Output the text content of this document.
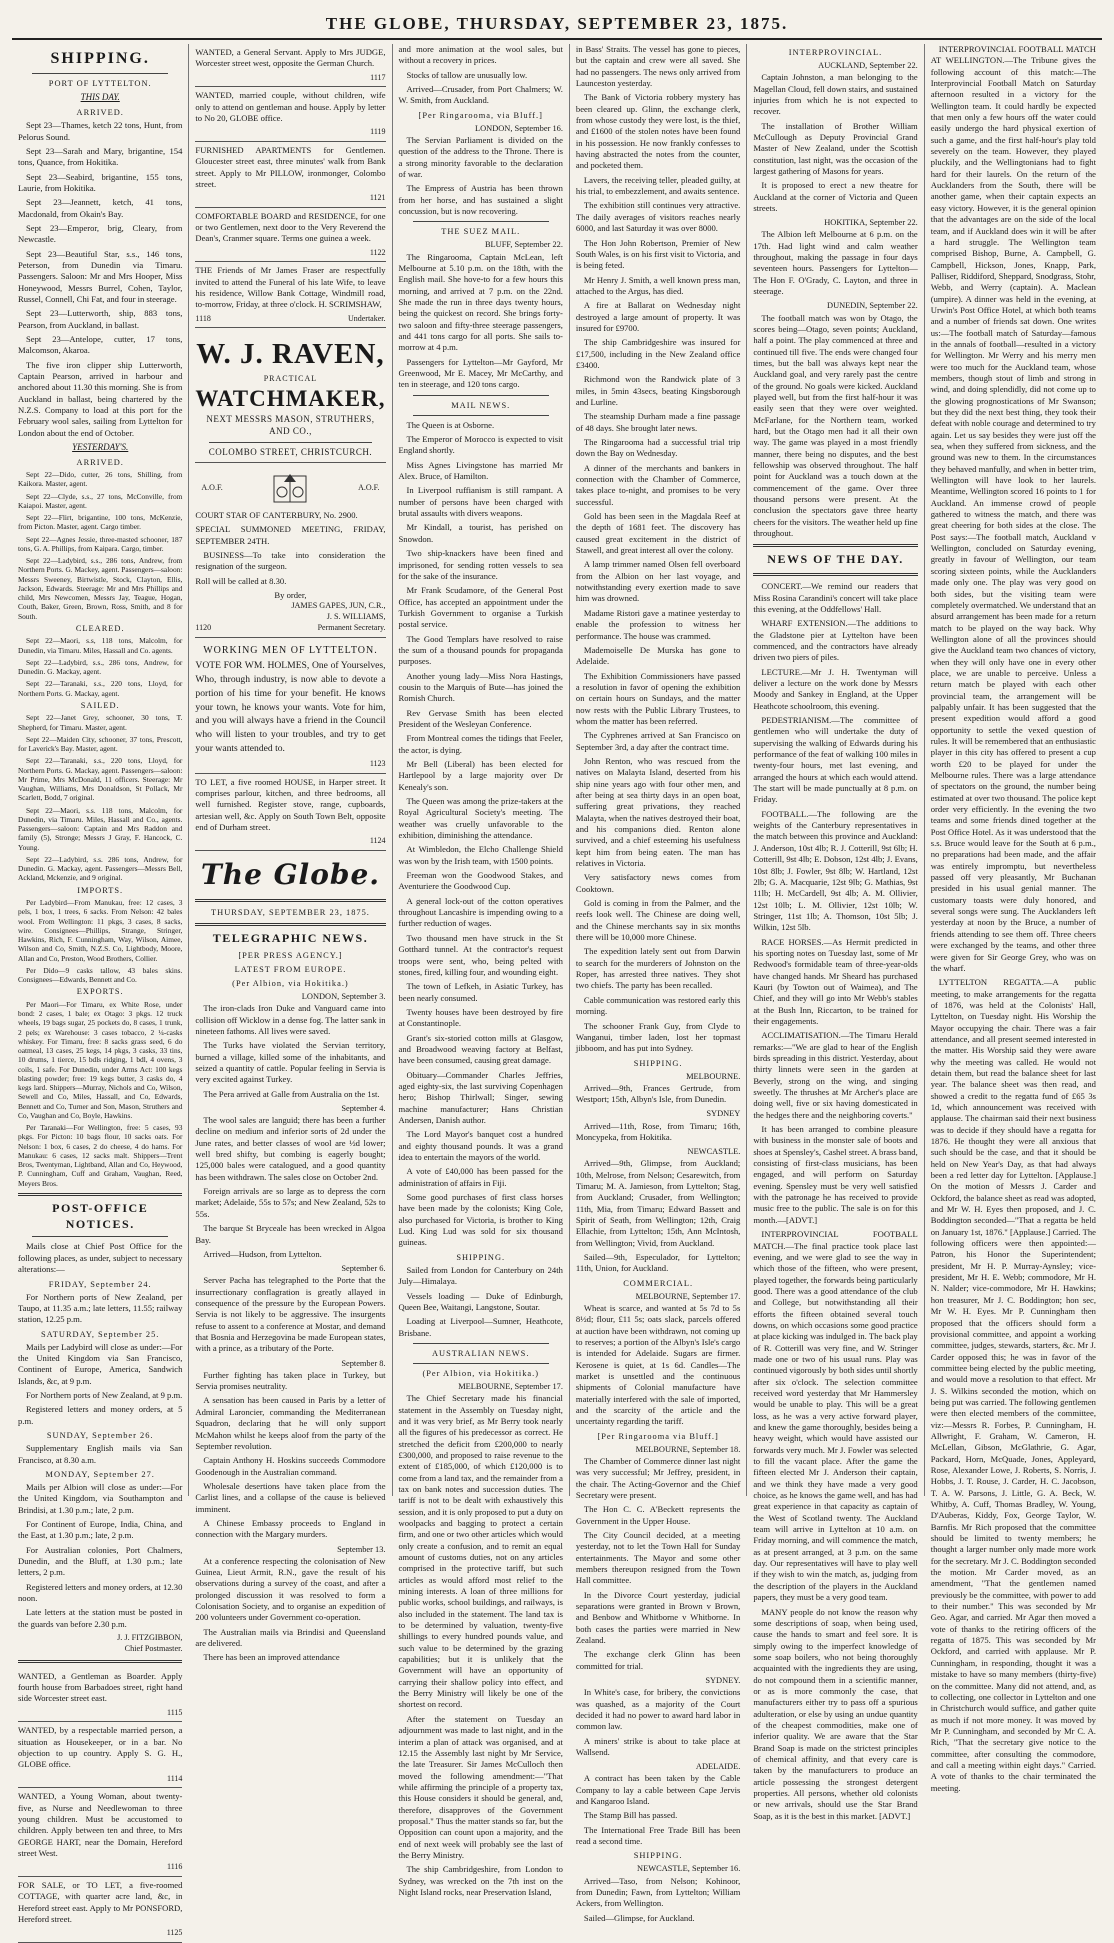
THE GLOBE, THURSDAY, SEPTEMBER 23, 1875.
SHIPPING.
PORT OF LYTTELTON.
THIS DAY.
ARRIVED.

Sept 23—Thames, ketch 22 tons, Hunt, from Pelorus Sound.

Sept 23—Sarah and Mary, brigantine, 154 tons, Quance, from Hokitika.

Sept 23—Seabird, brigantine, 155 tons, Laurie, from Hokitika.

Sept 23—Jeannett, ketch, 41 tons, Macdonald, from Okain's Bay.

Sept 23—Emperor, brig, Cleary, from Newcastle.

Sept 23—Beautiful Star, s.s., 146 tons, Peterson, from Dunedin via Timaru. Passengers. Saloon: Mr and Mrs Hooper, Miss Honeywood, Messrs Burrel, Cohen, Taylor, Russel, Connell, Chi Fat, and four in steerage.

Sept 23—Lutterworth, ship, 883 tons, Pearson, from Auckland, in ballast.

Sept 23—Antelope, cutter, 17 tons, Malcomson, Akaroa.

The five iron clipper ship Lutterworth, Captain Pearson, arrived in harbour and anchored about 11.30 this morning. She is from Auckland in ballast, being chartered by the N.Z.S. Company to load at this port for the February wool sales, sailing from Lyttelton for London about the end of October.

YESTERDAY'S.
ARRIVED.

Sept 22—Dido, cutter, 26 tons, Shilling, from Kaikora. Master, agent.

Sept 22—Clyde, s.s., 27 tons, McConville, from Kaiapoi. Master, agent.

Sept 22—Flirt, brigantine, 100 tons, McKenzie, from Picton. Master, agent. Cargo timber.

Sept 22—Agnes Jessie, three-masted schooner, 187 tons, G. A. Phillips, from Kaipara. Cargo, timber.

Sept 22—Ladybird, s.s., 286 tons, Andrew, from Northern Ports. G. Mackey, agent. Passengers—saloon: Messrs Sweeney, Birtwistle, Stock, Clayton, Ellis, Jackson, Edwards. Steerage: Mr and Mrs Phillips and child, Mrs Newcomen, Messrs Jay, Teague, Hogan, Couth, Baker, Green, Brown, Ross, Smith, and 8 for South.

CLEARED.

Sept 22—Maori, s.s, 118 tons, Malcolm, for Dunedin, via Timaru. Miles, Hassall and Co. agents.

Sept 22—Ladybird, s.s., 286 tons, Andrew, for Dunedin. G. Mackay, agent.

Sept 22—Taranaki, s.s., 220 tons, Lloyd, for Northern Ports. G. Mackay, agent.

SAILED.

Sept 22—Janet Grey, schooner, 30 tons, T. Shepherd, for Timaru. Master, agent.

Sept 22—Maiden City, schooner, 37 tons, Prescott, for Laverick's Bay. Master, agent.

Sept 22—Taranaki, s.s., 220 tons, Lloyd, for Northern Ports. G. Mackay, agent. Passengers—saloon: Mr Prime, Mrs McDonald, 11 officers. Steerage: Mr Vaughan, Williams, Mrs Donaldson, St Pollack, Mr Scarlett, Bodd, 7 original.

Sept 22—Maori, s.s. 118 tons, Malcolm, for Dunedin, via Timaru. Miles, Hassall and Co., agents. Passengers—saloon: Captain and Mrs Raddon and family (5), Stronge; Messrs J Gray, F. Hancock, C. Young.

Sept 22—Ladybird, s.s. 286 tons, Andrew, for Dunedin. G. Mackay, agent. Passengers—Messrs Bell, Ackland, Mckenzie, and 9 original.

IMPORTS.

Per Ladybird—From Manukau, free: 12 cases, 3 pels, 1 box, 1 trees, 6 sacks. From Nelson: 42 bales wool. From Wellington: 11 pkgs, 3 cases, 8 sacks, wire. Consignees—Phillips, Strange, Stringer, Hawkins, Rich, F. Cunningham, Way, Wilson, Aimee, Wilson and Co, Smith, N.Z.S. Co, Lightbody, Moore, Allan and Co, Preston, Wood Brothers, Collier.

Per Dido—9 casks tallow, 43 bales skins. Consignees—Edwards, Bennett and Co.

EXPORTS.

Per Maori—For Timaru, ex White Rose, under bond: 2 cases, 1 bale; ex Otago: 3 pkgs. 12 truck wheels, 19 bags sugar, 25 pockets do, 8 cases, 1 trunk, 2 pels; ex Warehouse: 3 cases tobacco, 2 ¼-casks whiskey. For Timaru, free: 8 sacks grass seed, 6 do oatmeal, 13 cases, 25 kegs, 14 pkgs, 3 casks, 33 tins, 10 drums, 1 tierce, 15 bdls ridging, 1 bdl, 4 ovens, 3 coils, 1 safe. For Dunedin, under Arms Act: 100 kegs blasting powder; free: 19 kegs butter, 3 casks do, 4 kegs lard. Shippers—Murray, Nichols and Co, Wilson, Sewell and Co, Miles, Hassall, and Co, Edwards, Bennett and Co, Turner and Son, Mason, Struthers and Co, Vaughan and Co, Boyle, Hawkins.

Per Taranaki—For Wellington, free: 5 cases, 93 pkgs. For Picton: 10 bags flour, 10 sacks oats. For Nelson: 1 box, 6 cases, 2 do cheese, 4 do hams. For Manukau: 6 cases, 12 sacks malt. Shippers—Trent Bros, Twentyman, Lightband, Allan and Co, Heywood, P. Cunningham, Cuff and Graham, Vaughan, Reed, Meyers Bros.

POST-OFFICE NOTICES.

Mails close at Chief Post Office for the following places, as under, subject to necessary alterations:—

FRIDAY, September 24.

For Northern ports of New Zealand, per Taupo, at 11.35 a.m.; late letters, 11.55; railway station, 12.25 p.m.

SATURDAY, September 25.

Mails per Ladybird will close as under:—For the United Kingdom via San Francisco, Continent of Europe, America, Sandwich Islands, &c, at 9 p.m.

For Northern ports of New Zealand, at 9 p.m.

Registered letters and money orders, at 5 p.m.

SUNDAY, September 26.

Supplementary English mails via San Francisco, at 8.30 a.m.

MONDAY, September 27.

Mails per Albion will close as under:—For the United Kingdom, via Southampton and Brindisi, at 1.30 p.m.; late, 2 p.m.

For Continent of Europe, India, China, and the East, at 1.30 p.m.; late, 2 p.m.

For Australian colonies, Port Chalmers, Dunedin, and the Bluff, at 1.30 p.m.; late letters, 2 p.m.

Registered letters and money orders, at 12.30 noon.

Late letters at the station must be posted in the guards van before 2.30 p.m.

J. J. FITZGIBBON,
Chief Postmaster.

WANTED, a Gentleman as Boarder. Apply fourth house from Barbadoes street, right hand side Worcester street east.

1115

WANTED, by a respectable married person, a situation as Housekeeper, or in a bar. No objection to up country. Apply S. G. H., GLOBE office.

1114

WANTED, a Young Woman, about twenty-five, as Nurse and Needlewoman to three young children. Must be accustomed to children. Apply between ten and three, to Mrs GEORGE HART, near the Domain, Hereford street West.

1116

FOR SALE, or TO LET, a five-roomed COTTAGE, with quarter acre land, &c, in Hereford street east. Apply to Mr PONSFORD, Hereford street.

1125

WANTED, a General Servant. Apply to Mrs JUDGE, Worcester street west, opposite the German Church.

1117

WANTED, married couple, without children, wife only to attend on gentleman and house. Apply by letter to No 20, GLOBE office.

1119

FURNISHED APARTMENTS for Gentlemen. Gloucester street east, three minutes' walk from Bank street. Apply to Mr PILLOW, ironmonger, Colombo street.

1121

COMFORTABLE BOARD and RESIDENCE, for one or two Gentlemen, next door to the Very Reverend the Dean's, Cranmer square. Terms one guinea a week.

1122

THE Friends of Mr James Fraser are respectfully invited to attend the Funeral of his late Wife, to leave his residence, Willow Bank Cottage, Windmill road, to-morrow, Friday, at three o'clock. H. SCRIMSHAW,

1118	Undertaker.
W. J. RAVEN,
PRACTICAL
WATCHMAKER,
NEXT MESSRS MASON, STRUTHERS,
AND CO.,
COLOMBO STREET, CHRISTCURCH.
A.O.F.	A.O.F.

COURT STAR OF CANTERBURY, No. 2900.

SPECIAL SUMMONED MEETING, FRIDAY, SEPTEMBER 24TH.

BUSINESS—To take into consideration the resignation of the surgeon.

Roll will be called at 8.30.

By order,
JAMES GAPES, JUN, C.R.,
J. S. WILLIAMS,
1120	Permanent Secretary.
WORKING MEN OF LYTTELTON.

VOTE FOR WM. HOLMES, One of Yourselves, Who, through industry, is now able to devote a portion of his time for your benefit. He knows your town, he knows your wants. Vote for him, and you will always have a friend in the Council who will listen to your troubles, and try to get your wants attended to.

1123

TO LET, a five roomed HOUSE, in Harper street. It comprises parlour, kitchen, and three bedrooms, all well furnished. Register stove, range, cupboards, artesian well, &c. Apply on South Town Belt, opposite end of Durham street.

1124
The Globe.
THURSDAY, SEPTEMBER 23, 1875.
TELEGRAPHIC NEWS.
[PER PRESS AGENCY.]
LATEST FROM EUROPE.
(Per Albion, via Hokitika.)
LONDON, September 3.

The iron-clads Iron Duke and Vanguard came into collision off Wicklow in a dense fog. The latter sank in nineteen fathoms. All lives were saved.

The Turks have violated the Servian territory, burned a village, killed some of the inhabitants, and seized a quantity of cattle. Popular feeling in Servia is very excited against Turkey.

The Pera arrived at Galle from Australia on the 1st.

September 4.

The wool sales are languid; there has been a further decline on medium and inferior sorts of 2d under the June rates, and better classes of wool are ½d lower; well bred shifty, but combing is eagerly bought; 125,000 bales were catalogued, and a good quantity has been withdrawn. The sales close on October 2nd.

Foreign arrivals are so large as to depress the corn market; Adelaide, 55s to 57s; and New Zealand, 52s to 55s.

The barque St Bryceale has been wrecked in Algoa Bay.

Arrived—Hudson, from Lyttelton.

September 6.

Server Pacha has telegraphed to the Porte that the insurrectionary conflagration is greatly allayed in consequence of the pressure by the European Powers. Servia is not likely to be aggressive. The insurgents refuse to assent to a conference at Mostar, and demand that Bosnia and Herzegovina be made European states, with a prince, as a tributary of the Porte.

September 8.

Further fighting has taken place in Turkey, but Servia promises neutrality.

A sensation has been caused in Paris by a letter of Admiral Laroncier, commanding the Mediterranean Squadron, declaring that he will only support McMahon whilst he keeps aloof from the party of the September revolution.

Captain Anthony H. Hoskins succeeds Commodore Goodenough in the Australian command.

Wholesale desertions have taken place from the Carlist lines, and a collapse of the cause is believed imminent.

A Chinese Embassy proceeds to England in connection with the Margary murders.

September 13.

At a conference respecting the colonisation of New Guinea, Lieut Armit, R.N., gave the result of his observations during a survey of the coast, and after a prolonged discussion it was resolved to form a Colonisation Society, and to organise an expedition of 200 volunteers under Government co-operation.

The Australian mails via Brindisi and Queensland are delivered.

There has been an improved attendance

and more animation at the wool sales, but without a recovery in prices.

Stocks of tallow are unusually low.

Arrived—Crusader, from Port Chalmers; W. W. Smith, from Auckland.

[Per Ringarooma, via Bluff.]
LONDON, September 16.

The Servian Parliament is divided on the question of the address to the Throne. There is a strong minority favorable to the declaration of war.

The Empress of Austria has been thrown from her horse, and has sustained a slight concussion, but is now recovering.

THE SUEZ MAIL.
BLUFF, September 22.

The Ringarooma, Captain McLean, left Melbourne at 5.10 p.m. on the 18th, with the English mail. She hove-to for a few hours this morning, and arrived at 7 p.m. on the 22nd. She made the run in three days twenty hours, being the quickest on record. She brings forty-two saloon and fifty-three steerage passengers, and 441 tons cargo for all ports. She sails to-morrow at 4 p.m.

Passengers for Lyttelton—Mr Gayford, Mr Greenwood, Mr E. Macey, Mr McCarthy, and ten in steerage, and 120 tons cargo.

MAIL NEWS.

The Queen is at Osborne.

The Emperor of Morocco is expected to visit England shortly.

Miss Agnes Livingstone has married Mr Alex. Bruce, of Hamilton.

In Liverpool ruffianism is still rampant. A number of persons have been charged with brutal assaults with divers weapons.

Mr Kindall, a tourist, has perished on Snowdon.

Two ship-knackers have been fined and imprisoned, for sending rotten vessels to sea for the sake of the insurance.

Mr Frank Scudamore, of the General Post Office, has accepted an appointment under the Turkish Government to organise a Turkish postal service.

The Good Templars have resolved to raise the sum of a thousand pounds for propaganda purposes.

Another young lady—Miss Nora Hastings, cousin to the Marquis of Bute—has joined the Romish Church.

Rev Gervase Smith has been elected President of the Wesleyan Conference.

From Montreal comes the tidings that Feeler, the actor, is dying.

Mr Bell (Liberal) has been elected for Hartlepool by a large majority over Dr Kenealy's son.

The Queen was among the prize-takers at the Royal Agricultural Society's meeting. The weather was cruelly unfavorable to the exhibition, diminishing the attendance.

At Wimbledon, the Elcho Challenge Shield was won by the Irish team, with 1500 points.

Freeman won the Goodwood Stakes, and Aventuriere the Goodwood Cup.

A general lock-out of the cotton operatives throughout Lancashire is impending owing to a further reduction of wages.

Two thousand men have struck in the St Gotthard tunnel. At the contractor's request troops were sent, who, being pelted with stones, fired, killing four, and wounding eight.

The town of Lefkeh, in Asiatic Turkey, has been nearly consumed.

Twenty houses have been destroyed by fire at Constantinople.

Grant's six-storied cotton mills at Glasgow, and Broadwood weaving factory at Belfast, have been consumed, causing great damage.

Obituary—Commander Charles Jeffries, aged eighty-six, the last surviving Copenhagen hero; Bishop Thirlwall; Singer, sewing machine manufacturer; Hans Christian Andersen, Danish author.

The Lord Mayor's banquet cost a hundred and eighty thousand pounds. It was a grand idea to entertain the mayors of the world.

A vote of £40,000 has been passed for the administration of affairs in Fiji.

Some good purchases of first class horses have been made by the colonists; King Cole, also purchased for Victoria, is brother to King Lud. King Lud was sold for six thousand guineas.

SHIPPING.

Sailed from London for Canterbury on 24th July—Himalaya.

Vessels loading — Duke of Edinburgh, Queen Bee, Waitangi, Langstone, Soutar.

Loading at Liverpool—Sumner, Heathcote, Brisbane.

AUSTRALIAN NEWS.
(Per Albion, via Hokitika.)
MELBOURNE, September 17.

The Chief Secretary made his financial statement in the Assembly on Tuesday night, and it was very brief, as Mr Berry took nearly all the figures of his predecessor as correct. He stretched the deficit from £200,000 to nearly £300,000, and proposed to raise revenue to the extent of £185,000, of which £120,000 is to come from a land tax, and the remainder from a tax on bank notes and succession duties. The tariff is not to be dealt with exhaustively this session, and it is only proposed to put a duty on woolpacks and bagging to protect a certain firm, and one or two other articles which would only create a confusion, and to remit an equal amount of customs duties, not on any articles comprised in the protective tariff, but such articles as would afford most relief to the mining interests. A loan of three millions for public works, school buildings, and railways, is also included in the statement. The land tax is to be determined by valuation, twenty-five shillings to every hundred pounds value, and such value to be determined by the grazing capabilities; but it is unlikely that the Government will have an opportunity of carrying their shallow policy into effect, and the Berry Ministry will likely be one of the shortest on record.

After the statement on Tuesday an adjournment was made to last night, and in the interim a plan of attack was organised, and at 12.15 the Assembly last night by Mr Service, the late Treasurer. Sir James McCulloch then moved the following amendment:—"That while affirming the principle of a property tax, this House considers it should be general, and, therefore, disapproves of the Government proposal." Thus the matter stands so far, but the Opposition can count upon a majority, and the end of next week will probably see the last of the Berry Ministry.

The ship Cambridgeshire, from London to Sydney, was wrecked on the 7th inst on the Night Island rocks, near Preservation Island,

in Bass' Straits. The vessel has gone to pieces, but the captain and crew were all saved. She had no passengers. The news only arrived from Launceston yesterday.

The Bank of Victoria robbery mystery has been cleared up. Glinn, the exchange clerk, from whose custody they were lost, is the thief, and £1600 of the stolen notes have been found in his possession. He now frankly confesses to having abstracted the notes from the counter, and pocketed them.

Lavers, the receiving teller, pleaded guilty, at his trial, to embezzlement, and awaits sentence.

The exhibition still continues very attractive. The daily averages of visitors reaches nearly 6000, and last Saturday it was over 8000.

The Hon John Robertson, Premier of New South Wales, is on his first visit to Victoria, and is being feted.

Mr Henry J. Smith, a well known press man, attached to the Argus, has died.

A fire at Ballarat on Wednesday night destroyed a large amount of property. It was insured for £9700.

The ship Cambridgeshire was insured for £17,500, including in the New Zealand office £3400.

Richmond won the Randwick plate of 3 miles, in 5min 43secs, beating Kingsborough and Lurline.

The steamship Durham made a fine passage of 48 days. She brought later news.

The Ringarooma had a successful trial trip down the Bay on Wednesday.

A dinner of the merchants and bankers in connection with the Chamber of Commerce, takes place to-night, and promises to be very successful.

Gold has been seen in the Magdala Reef at the depth of 1681 feet. The discovery has caused great excitement in the district of Stawell, and great interest all over the colony.

A lamp trimmer named Olsen fell overboard from the Albion on her last voyage, and notwithstanding every exertion made to save him was drowned.

Madame Ristori gave a matinee yesterday to enable the profession to witness her performance. The house was crammed.

Mademoiselle De Murska has gone to Adelaide.

The Exhibition Commissioners have passed a resolution in favor of opening the exhibition on certain hours on Sundays, and the matter now rests with the Public Library Trustees, to whom the matter has been referred.

The Cyphrenes arrived at San Francisco on September 3rd, a day after the contract time.

John Renton, who was rescued from the natives on Malayta Island, deserted from his ship nine years ago with four other men, and after being at sea thirty days in an open boat, suffering great privations, they reached Malayta, when the natives destroyed their boat, and his companions died. Renton alone survived, and a chief esteeming his usefulness kept him from being eaten. The man has relatives in Victoria.

Very satisfactory news comes from Cooktown.

Gold is coming in from the Palmer, and the reefs look well. The Chinese are doing well, and the Chinese merchants say in six months there will be 10,000 more Chinese.

The expedition lately sent out from Darwin to search for the murderers of Johnston on the Roper, has arrested three natives. They shot two chiefs. The party has been recalled.

Cable communication was restored early this morning.

The schooner Frank Guy, from Clyde to Wanganui, timber laden, lost her topmast jibboom, and has put into Sydney.

SHIPPING.
MELBOURNE.

Arrived—9th, Frances Gertrude, from Westport; 15th, Albyn's Isle, from Dunedin.

SYDNEY

Arrived—11th, Rose, from Timaru; 16th, Moncypeka, from Hokitika.

NEWCASTLE.

Arrived—9th, Glimpse, from Auckland; 10th, Melrose, from Nelson; Cesarewitch, from Timaru; M. A. Jamieson, from Lyttelton; Stag, from Auckland; Crusader, from Wellington; 11th, Mia, from Timaru; Edward Bassett and Spirit of Seath, from Wellington; 12th, Craig Ellachie, from Lyttelton; 15th, Ann McIntosh, from Wellington; Vivid, from Auckland.

Sailed—9th, Especulador, for Lyttelton; 11th, Union, for Auckland.

COMMERCIAL.
MELBOURNE, September 17.

Wheat is scarce, and wanted at 5s 7d to 5s 8½d; flour, £11 5s; oats slack, parcels offered at auction have been withdrawn, not coming up to reserves; a portion of the Albyn's Isle's cargo is intended for Adelaide. Sugars are firmer. Kerosene is quiet, at 1s 6d. Candles—The market is unsettled and the continuous shipments of Colonial manufacture have materially interfered with the sale of imported, and the scarcity of the article and the uncertainty regarding the tariff.

[Per Ringarooma via Bluff.]
MELBOURNE, September 18.

The Chamber of Commerce dinner last night was very successful; Mr Jeffrey, president, in the chair. The Acting-Governor and the Chief Secretary were present.

The Hon C. C. A'Beckett represents the Government in the Upper House.

The City Council decided, at a meeting yesterday, not to let the Town Hall for Sunday entertainments. The Mayor and some other members thereupon resigned from the Town Hall committee.

In the Divorce Court yesterday, judicial separations were granted in Brown v Brown, and Benbow and Whitborne v Whitborne. In both cases the parties were married in New Zealand.

The exchange clerk Glinn has been committed for trial.

SYDNEY.

In White's case, for bribery, the convictions was quashed, as a majority of the Court decided it had no power to award hard labor in common law.

A miners' strike is about to take place at Wallsend.

ADELAIDE.

A contract has been taken by the Cable Company to lay a cable between Cape Jervis and Kangaroo Island.

The Stamp Bill has passed.

The International Free Trade Bill has been read a second time.

SHIPPING.
NEWCASTLE, September 16.

Arrived—Taso, from Nelson; Kohinoor, from Dunedin; Fawn, from Lyttelton; William Ackers, from Wellington.

Sailed—Glimpse, for Auckland.

INTERPROVINCIAL.
AUCKLAND, September 22.

Captain Johnston, a man belonging to the Magellan Cloud, fell down stairs, and sustained injuries from which he is not expected to recover.

The installation of Brother William McCullough as Deputy Provincial Grand Master of New Zealand, under the Scottish constitution, last night, was the occasion of the largest gathering of Masons for years.

It is proposed to erect a new theatre for Auckland at the corner of Victoria and Queen streets.

HOKITIKA, September 22.

The Albion left Melbourne at 6 p.m. on the 17th. Had light wind and calm weather throughout, making the passage in four days seventeen hours. Passengers for Lyttelton—The Hon F. O'Grady, C. Layton, and three in steerage.

DUNEDIN, September 22.

The football match was won by Otago, the scores being—Otago, seven points; Auckland, half a point. The play commenced at three and continued till five. The ends were changed four times, but the ball was always kept near the Auckland goal, and very rarely past the centre of the ground. No goals were kicked. Auckland played well, but from the first half-hour it was easily seen that they were over weighted. McFarlane, for the Northern team, worked hard, but the Otago men had it all their own way. The game was played in a most friendly manner, there being no disputes, and the best fellowship was observed throughout. The half point for Auckland was a touch down at the commencement of the game. Over three thousand persons were present. At the conclusion the spectators gave three hearty cheers for the visitors. The weather held up fine throughout.

NEWS OF THE DAY.

CONCERT.—We remind our readers that Miss Rosina Carandini's concert will take place this evening, at the Oddfellows' Hall.

WHARF EXTENSION.—The additions to the Gladstone pier at Lyttelton have been commenced, and the contractors have already driven two piers of piles.

LECTURE.—Mr J. H. Twentyman will deliver a lecture on the work done by Messrs Moody and Sankey in England, at the Upper Heathcote schoolroom, this evening.

PEDESTRIANISM.—The committee of gentlemen who will undertake the duty of supervising the walking of Edwards during his performance of the feat of walking 100 miles in twenty-four hours, met last evening, and arranged the hours at which each would attend. The start will be made punctually at 8 p.m. on Friday.

FOOTBALL.—The following are the weights of the Canterbury representatives in the match between this province and Auckland: J. Anderson, 10st 4lb; R. J. Cotterill, 9st 6lb; H. Cotterill, 9st 4lb; E. Dobson, 12st 4lb; J. Evans, 10st 8lb; J. Fowler, 9st 8lb; W. Hartland, 12st 2lb; G. A. Macquarie, 12st 9lb; G. Mathias, 9st 11lb; H. McCardell, 9st 4lb; A. M. Ollivier, 12st 10lb; L. M. Ollivier, 12st 10lb; W. Stringer, 11st 1lb; A. Thomson, 10st 5lb; J. Wilkin, 12st 5lb.

RACE HORSES.—As Hermit predicted in his sporting notes on Tuesday last, some of Mr Redwood's formidable team of three-year-olds have changed hands. Mr Sheard has purchased Kauri (by Towton out of Waimea), and The Chief, and they will go into Mr Webb's stables at the Bush Inn, Riccarton, to be trained for their engagements.

ACCLIMATISATION.—The Timaru Herald remarks:—"We are glad to hear of the English birds spreading in this district. Yesterday, about thirty linnets were seen in the garden at Beverly, strong on the wing, and singing sweetly. The thrushes at Mr Archer's place are doing well, five or six having domesticated in the hedges there and the neighboring coverts."

It has been arranged to combine pleasure with business in the monster sale of boots and shoes at Spensley's, Cashel street. A brass band, consisting of first-class musicians, has been engaged, and will perform on Saturday evening. Spensley must be very well satisfied with the patronage he has received to provide music free to the public. The sale is on for this month.—[ADVT.]

INTERPROVINCIAL FOOTBALL MATCH.—The final practice took place last evening, and we were glad to see the way in which those of the fifteen, who were present, played together, the forwards being particularly good. There was a good attendance of the club and College, but notwithstanding all their efforts the fifteen obtained several touch downs, on which occasions some good practice at place kicking was indulged in. The back play of R. Cotterill was very fine, and W. Stringer made one or two of his usual runs. Play was continued vigorously by both sides until shortly after six o'clock. The selection committee received word yesterday that Mr Hammersley would be unable to play. This will be a great loss, as he was a very active forward player, and knew the game thoroughly, besides being a heavy weight, which would have assisted our forwards very much. Mr J. Fowler was selected to fill the vacant place. After the game the fifteen elected Mr J. Anderson their captain, and we think they have made a very good choice, as he knows the game well, and has had great experience in that capacity as captain of the West of Scotland twenty. The Auckland team will arrive in Lyttelton at 10 a.m. on Friday morning, and will commence the match, as at present arranged, at 3 p.m. on the same day. Our representatives will have to play well if they wish to win the match, as, judging from the description of the players in the Auckland papers, they must be a very good team.

MANY people do not know the reason why some descriptions of soap, when being used, cause the hands to smart and feel sore. It is simply owing to the imperfect knowledge of some soap boilers, who not being thoroughly acquainted with the ingredients they are using, do not compound them in a scientific manner, or as is more commonly the case, that manufacturers either try to pass off a spurious adulteration, or else by using an undue quantity of the cheapest commodities, make one of inferior quality. We are aware that the Star Brand Soap is made on the strictest principles of chemical affinity, and that every care is taken by the manufacturers to produce an article possessing the strongest detergent properties. All persons, whether old colonists or new arrivals, should use the Star Brand Soap, as it is the best in this market. [ADVT.]

INTERPROVINCIAL FOOTBALL MATCH AT WELLINGTON.—The Tribune gives the following account of this match:—The Interprovincial Football Match on Saturday afternoon resulted in a victory for the Wellington team. It could hardly be expected that men only a few hours off the water could easily undergo the hard physical exertion of such a game, and the first half-hour's play told severely on the team. However, they played pluckily, and the Wellingtonians had to fight hard for their laurels. On the return of the Aucklanders from the South, there will be another game, when their captain expects an easy victory. However, it is the general opinion that the advantages are on the side of the local team, and if Auckland does win it will be after a hard struggle. The Wellington team comprised Bishop, Burne, A. Campbell, G. Campbell, Hickson, Jones, Knapp, Park, Palliser, Riddiford, Sheppard, Snodgrass, Stohr, Webb, and Werry (captain). A. Maclean (umpire). A dinner was held in the evening, at Urwin's Post Office Hotel, at which both teams and a number of friends sat down. One writes us:—The football match of Saturday—famous in the annals of football—resulted in a victory for Wellington. Mr Werry and his merry men were too much for the Auckland team, whose members, though stout of limb and strong in wind, and doing splendidly, did not come up to the glowing prognostications of Mr Swanson; but they did the next best thing, they took their defeat with noble courage and determined to try again. Let us say besides they were just off the sea, when they suffered from sickness, and the ground was new to them. In the circumstances they behaved manfully, and when in better trim, Wellington will have look to her laurels. Meantime, Wellington scored 16 points to 1 for Auckland. An immense crowd of people gathered to witness the match, and there was great cheering for both sides at the close. The Post says:—The football match, Auckland v Wellington, concluded on Saturday evening, greatly in favour of Wellington, our team scoring sixteen points, while the Aucklanders made only one. The play was very good on both sides, but the visiting team were completely overmatched. We understand that an absurd arrangement has been made for a return match to be played on the way back. Why Wellington alone of all the provinces should give the Auckland team two chances of victory, when they will only have one in every other place, we are unable to perceive. Unless a return match be played with each other provincial team, the arrangement will be palpably unfair. It has been suggested that the present expedition would afford a good opportunity to settle the vexed question of rules. It will be remembered that an enthusiastic player in this city has offered to present a cup worth £20 to be played for under the Melbourne rules. There was a large attendance of spectators on the ground, the number being estimated at over two thousand. The police kept order very efficiently. In the evening the two teams and some friends dined together at the Post Office Hotel. As it was understood that the s.s. Bruce would leave for the South at 6 p.m., no preparations had been made, and the affair was entirely impromptu, but nevertheless passed off very pleasantly, Mr Buchanan presided in his usual genial manner. The customary toasts were duly honored, and several songs were sung. The Aucklanders left yesterday at noon by the Bruce, a number of friends attending to see them off. Three cheers were exchanged by the teams, and other three were given for Sir George Grey, who was on the wharf.

LYTTELTON REGATTA.—A public meeting, to make arrangements for the regatta of 1876, was held at the Colonists' Hall, Lyttelton, on Tuesday night. His Worship the Mayor occupying the chair. There was a fair attendance, and all present seemed interested in the matter. His Worship said they were aware why the meeting was called. He would not detain them, but read the balance sheet for last year. The balance sheet was then read, and showed a credit to the regatta fund of £65 3s 1d, which announcement was received with applause. The chairman said their next business was to decide if they should have a regatta for 1876. He thought they were all anxious that such should be the case, and that it should be held on New Year's Day, as that had always been a red letter day for Lyttelton. [Applause.] On the motion of Messrs J. Carder and Ockford, the balance sheet as read was adopted, and Mr W. H. Eyes then proposed, and J. C. Boddington seconded—"That a regatta be held on January 1st, 1876." [Applause.] Carried. The following officers were then appointed:—Patron, his Honor the Superintendent; president, Mr H. P. Murray-Aynsley; vice-president, Mr H. E. Webb; commodore, Mr H. N. Nalder; vice-commodore, Mr H. Hawkins; hon treasurer, Mr J. C. Boddington; hon sec, Mr W. H. Eyes. Mr P. Cunningham then proposed that the officers should form a provisional committee, and appoint a working committee, judges, stewards, starters, &c. Mr J. Carder opposed this; he was in favor of the committee being elected by the public meeting, and would move a resolution to that effect. Mr J. S. Wilkins seconded the motion, which on being put was carried. The following gentlemen were then elected members of the committee, viz:—Messrs R. Forbes, P. Cunningham, H. Allwright, F. Graham, W. Cameron, H. McLellan, Gibson, McGlathrie, G. Agar, Packard, Horn, McQuade, Jones, Appleyard, Rose, Alexander Lowe, J. Roberts, S. Norris, J. Hobbs, J. T. Rouse, J. Carder, H. C. Jacobson, T. A. W. Parsons, J. Little, G. A. Beck, W. Whitby, A. Cuff, Thomas Bradley, W. Young, D'Auberas, Kiddy, Fox, George Taylor, W. Barnfis. Mr Rich proposed that the committee should be limited to twenty members; he thought a larger number only made more work for the secretary. Mr J. C. Boddington seconded the motion. Mr Carder moved, as an amendment, "That the gentlemen named previously be the committee, with power to add to their number." This was seconded by Mr Geo. Agar, and carried. Mr Agar then moved a vote of thanks to the retiring officers of the regatta of 1875. This was seconded by Mr Ockford, and carried with applause. Mr P. Cunningham, in responding, thought it was a mistake to have so many members (thirty-five) on the committee. Many did not attend, and, as to collecting, one collector in Lyttelton and one in Christchurch would suffice, and gather quite as much if not more money. It was moved by Mr P. Cunningham, and seconded by Mr C. A. Rich, "That the secretary give notice to the committee, after consulting the commodore, and call a meeting within eight days." Carried. A vote of thanks to the chair terminated the meeting.
